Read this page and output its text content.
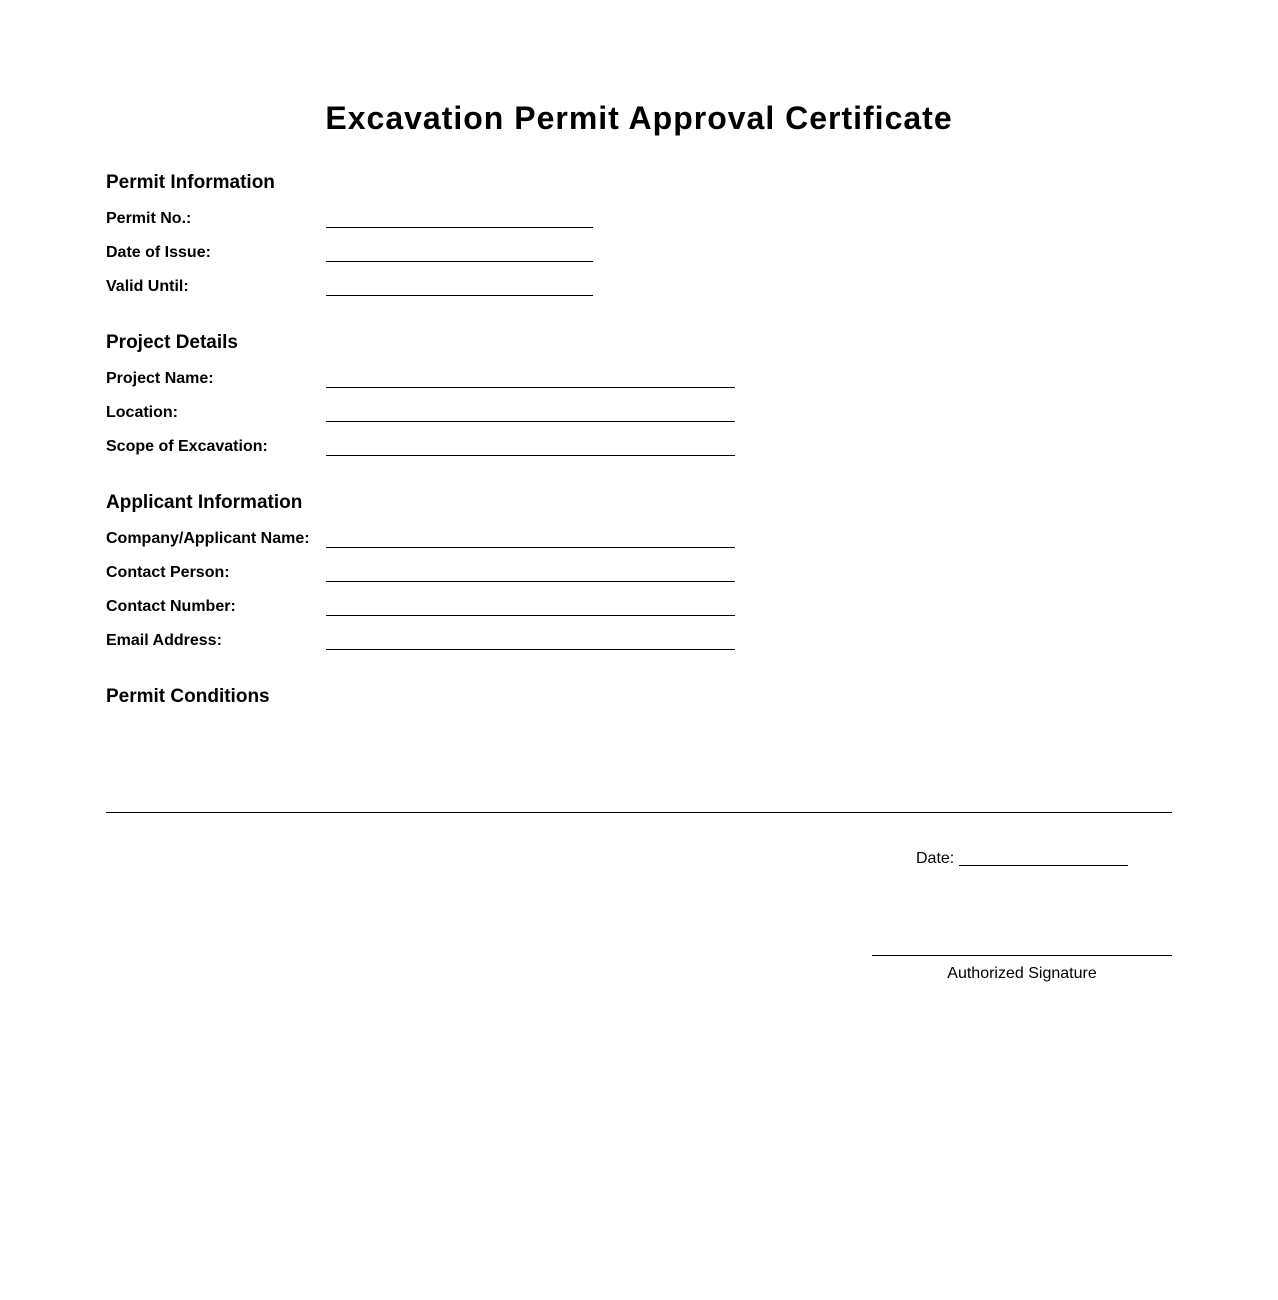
Excavation Permit Approval Certificate
Permit Information
Permit No.:
Date of Issue:
Valid Until:
Project Details
Project Name:
Location:
Scope of Excavation:
Applicant Information
Company/Applicant Name:
Contact Person:
Contact Number:
Email Address:
Permit Conditions
Date:
Authorized Signature
